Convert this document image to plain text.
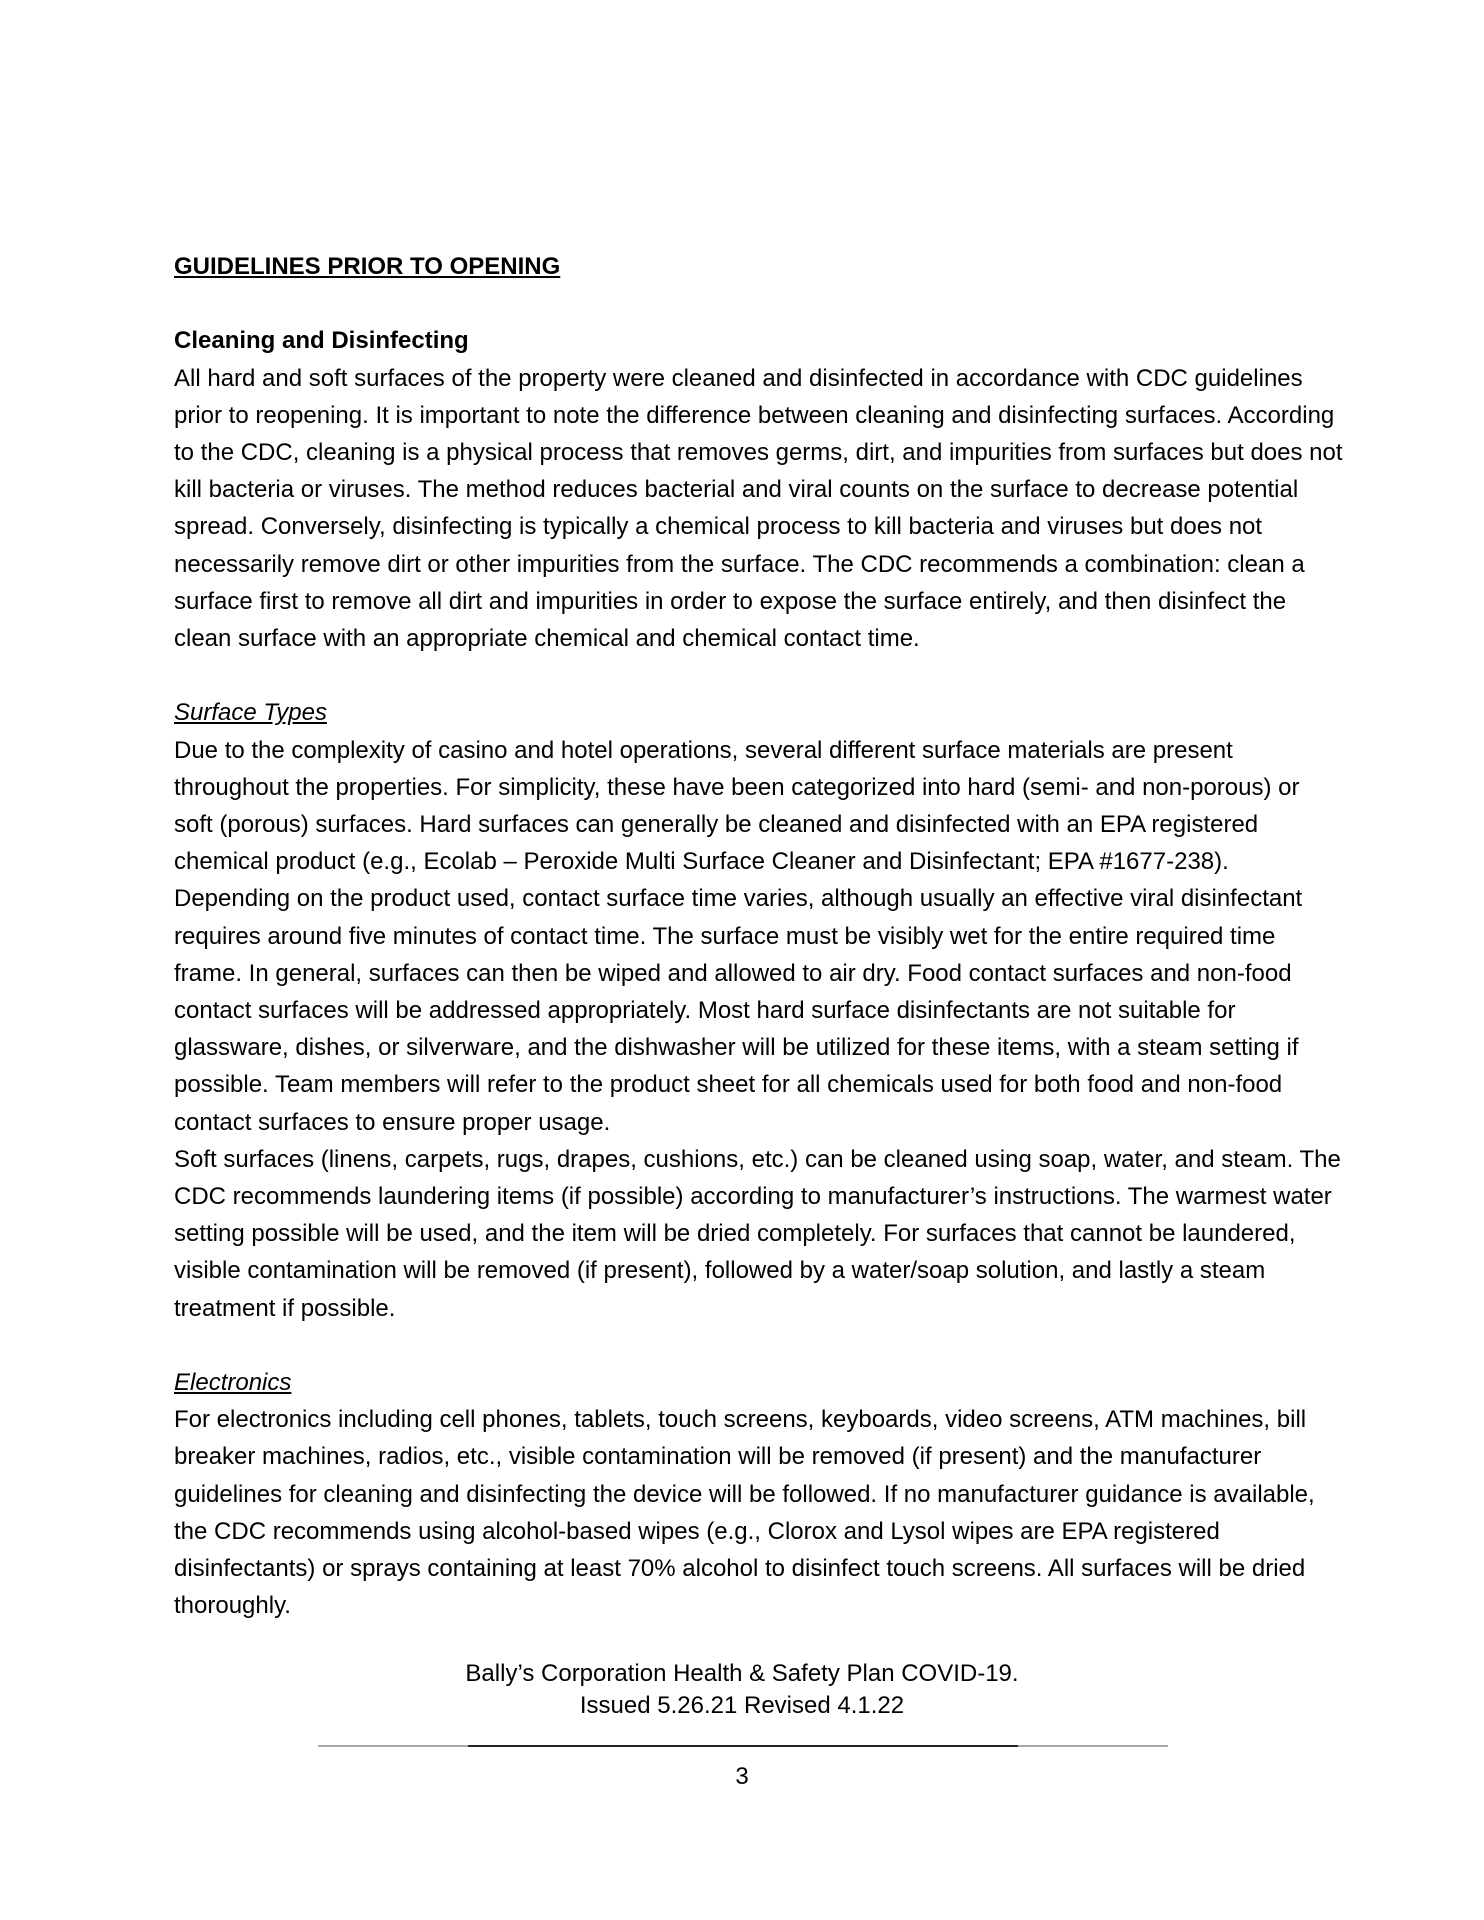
GUIDELINES PRIOR TO OPENING
Cleaning and Disinfecting

All hard and soft surfaces of the property were cleaned and disinfected in accordance with CDC guidelines prior to reopening. It is important to note the difference between cleaning and disinfecting surfaces. According to the CDC, cleaning is a physical process that removes germs, dirt, and impurities from surfaces but does not kill bacteria or viruses. The method reduces bacterial and viral counts on the surface to decrease potential spread. Conversely, disinfecting is typically a chemical process to kill bacteria and viruses but does not necessarily remove dirt or other impurities from the surface. The CDC recommends a combination: clean a surface first to remove all dirt and impurities in order to expose the surface entirely, and then disinfect the clean surface with an appropriate chemical and chemical contact time.

Surface Types

Due to the complexity of casino and hotel operations, several different surface materials are present throughout the properties. For simplicity, these have been categorized into hard (semi- and non-porous) or soft (porous) surfaces. Hard surfaces can generally be cleaned and disinfected with an EPA registered chemical product (e.g., Ecolab – Peroxide Multi Surface Cleaner and Disinfectant; EPA #1677-238). Depending on the product used, contact surface time varies, although usually an effective viral disinfectant requires around five minutes of contact time. The surface must be visibly wet for the entire required time frame. In general, surfaces can then be wiped and allowed to air dry. Food contact surfaces and non-food contact surfaces will be addressed appropriately. Most hard surface disinfectants are not suitable for glassware, dishes, or silverware, and the dishwasher will be utilized for these items, with a steam setting if possible. Team members will refer to the product sheet for all chemicals used for both food and non-food contact surfaces to ensure proper usage.

Soft surfaces (linens, carpets, rugs, drapes, cushions, etc.) can be cleaned using soap, water, and steam. The CDC recommends laundering items (if possible) according to manufacturer’s instructions. The warmest water setting possible will be used, and the item will be dried completely. For surfaces that cannot be laundered, visible contamination will be removed (if present), followed by a water/soap solution, and lastly a steam treatment if possible.

Electronics

For electronics including cell phones, tablets, touch screens, keyboards, video screens, ATM machines, bill breaker machines, radios, etc., visible contamination will be removed (if present) and the manufacturer guidelines for cleaning and disinfecting the device will be followed. If no manufacturer guidance is available, the CDC recommends using alcohol-based wipes (e.g., Clorox and Lysol wipes are EPA registered disinfectants) or sprays containing at least 70% alcohol to disinfect touch screens. All surfaces will be dried thoroughly.

Bally’s Corporation Health & Safety Plan COVID-19.
Issued 5.26.21 Revised 4.1.22
3
